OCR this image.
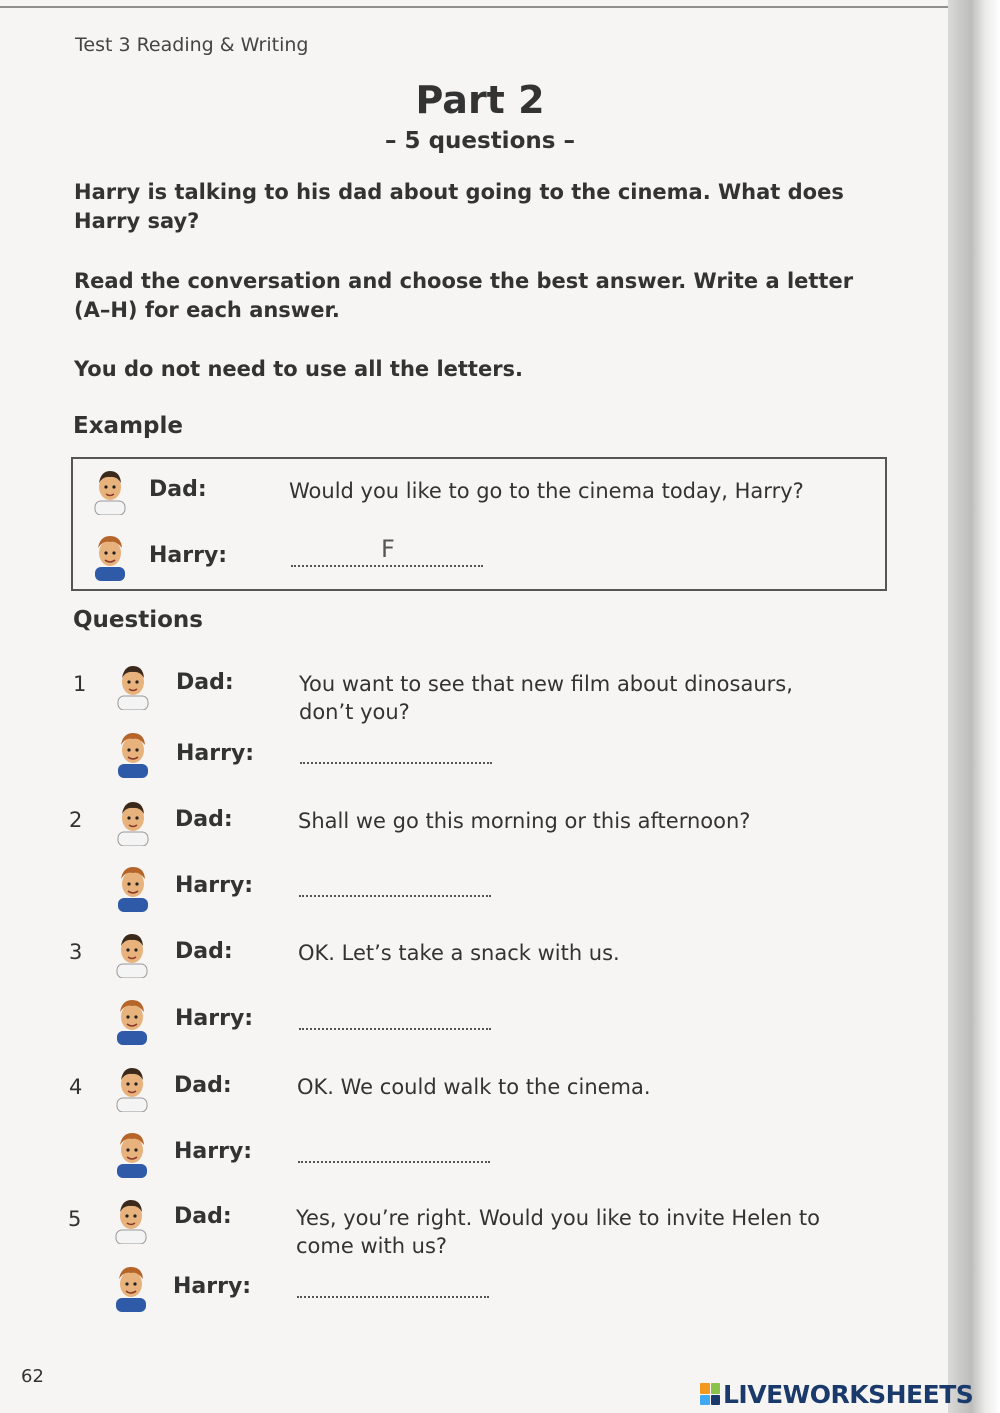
Test 3 Reading & Writing
Part 2
– 5 questions –
Harry is talking to his dad about going to the cinema. What does Harry say?
Read the conversation and choose the best answer. Write a letter (A–H) for each answer.
You do not need to use all the letters.
Example
Dad:	Would you like to go to the cinema today, Harry?
Harry:	F
Questions
1	Dad:	You want to see that new film about dinosaurs, don’t you?
Harry:
2	Dad:	Shall we go this morning or this afternoon?
Harry:
3	Dad:	OK. Let’s take a snack with us.
Harry:
4	Dad:	OK. We could walk to the cinema.
Harry:
5	Dad:	Yes, you’re right. Would you like to invite Helen to come with us?
Harry:
62
LIVEWORKSHEETS
